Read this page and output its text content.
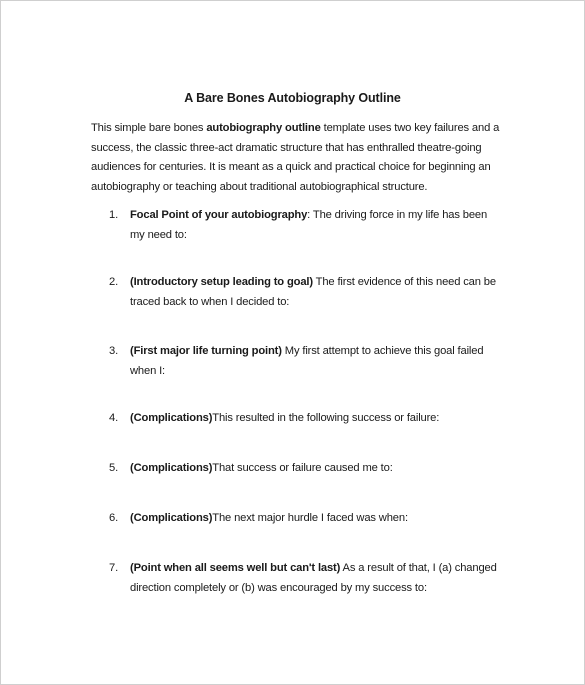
A Bare Bones Autobiography Outline
This simple bare bones autobiography outline template uses two key failures and a success, the classic three-act dramatic structure that has enthralled theatre-going audiences for centuries. It is meant as a quick and practical choice for beginning an autobiography or teaching about traditional autobiographical structure.
1.	Focal Point of your autobiography: The driving force in my life has been my need to:
2.	(Introductory setup leading to goal) The first evidence of this need can be traced back to when I decided to:
3.	(First major life turning point) My first attempt to achieve this goal failed when I:
4.	(Complications)This resulted in the following success or failure:
5.	(Complications)That success or failure caused me to:
6.	(Complications)The next major hurdle I faced was when:
7.	(Point when all seems well but can't last) As a result of that, I (a) changed direction completely or (b) was encouraged by my success to:
